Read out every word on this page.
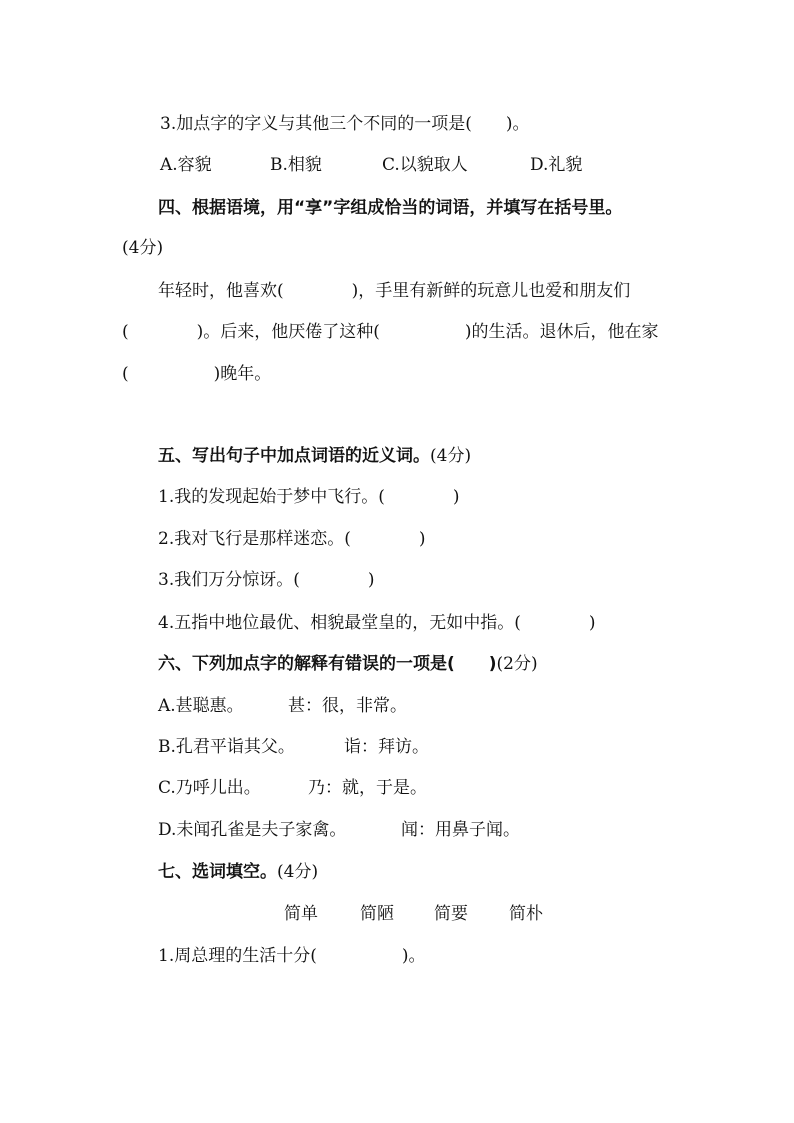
3.加点字的字义与其他三个不同的一项是(　　)。
A.容貌	B.相貌	C.以貌取人	D.礼貌
四、根据语境，用“享”字组成恰当的词语，并填写在括号里。
(4分)
年轻时，他喜欢(　　　　)，手里有新鲜的玩意儿也爱和朋友们
(　　　　)。后来，他厌倦了这种(　　　　　)的生活。退休后，他在家
(　　　　　)晚年。
五、写出句子中加点词语的近义词。(4分)
1.我的发现起始于梦中飞行。(　　　　)
2.我对飞行是那样迷恋。(　　　　)
3.我们万分惊讶。(　　　　)
4.五指中地位最优、相貌最堂皇的，无如中指。(　　　　)
六、下列加点字的解释有错误的一项是(　　)(2分)
A.甚聪惠。	甚：很，非常。
B.孔君平诣其父。	诣：拜访。
C.乃呼儿出。	乃：就，于是。
D.未闻孔雀是夫子家禽。	闻：用鼻子闻。
七、选词填空。(4分)
简单 简陋 简要 简朴
1.周总理的生活十分(　　　　　)。
